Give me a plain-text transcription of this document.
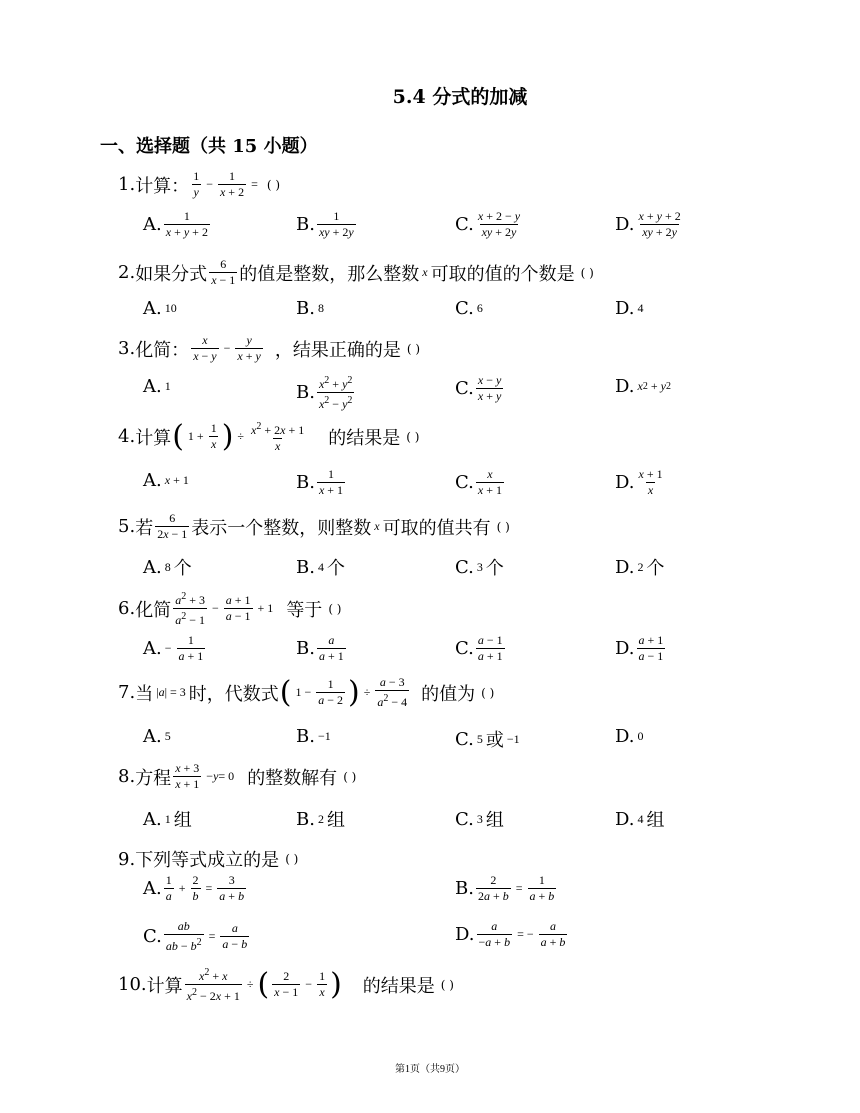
5.4 分式的加减
一、选择题（共 15 小题）
1. 计算： $\frac{1}{y} - \frac{1}{x + 2}$ = ( )
A. $\frac{1}{x + y + 2}$	B. $\frac{1}{xy + 2y}$	C. $\frac{x + 2 - y}{xy + 2y}$	D. $\frac{x + y + 2}{xy + 2y}$
2. 如果分式 $\frac{6}{x - 1}$ 的值是整数，那么整数 x 可取的值的个数是 ( )
A. 10	B. 8	C. 6	D. 4
3. 化简： $\frac{x}{x - y} - \frac{y}{x + y}$ ，结果正确的是 ( )
A. 1	B. $\frac{x^2 + y^2}{x^2 - y^2}$	C. $\frac{x - y}{x + y}$	D. x 2 + y 2
4. 计算 ( $1 + \frac{1}{x}$ ) ÷ $\frac{x^2 + 2x + 1}{x}$ 的结果是 ( )
A. x + 1	B. $\frac{1}{x + 1}$	C. $\frac{x}{x + 1}$	D. $\frac{x + 1}{x}$
5. 若 $\frac{6}{2x - 1}$ 表示一个整数，则整数 x 可取的值共有 ( )
A. 8 个	B. 4 个	C. 3 个	D. 2 个
6. 化简 $\frac{a^2 + 3}{a^2 - 1} - \frac{a + 1}{a - 1} + 1$ 等于 ( )
A. − $\frac{1}{a + 1}$	B. $\frac{a}{a + 1}$	C. $\frac{a - 1}{a + 1}$	D. $\frac{a + 1}{a - 1}$
7. 当 | a | = 3 时，代数式 ( $1 - \frac{1}{a - 2}$ ) ÷ $\frac{a - 3}{a^2 - 4}$ 的值为 ( )
A. 5	B. −1	C. 5 或 −1	D. 0
8. 方程 $\frac{x + 3}{x + 1} - y = 0$ 的整数解有 ( )
A. 1 组	B. 2 组	C. 3 组	D. 4 组
9. 下列等式成立的是 ( )
A. $\frac{1}{a} + \frac{2}{b} = \frac{3}{a + b}$	B. $\frac{2}{2a + b} = \frac{1}{a + b}$
C. $\frac{ab}{ab - b^2} = \frac{a}{a - b}$	D. $\frac{a}{-a + b}$ = − $\frac{a}{a + b}$
10. 计算 $\frac{x^2 + x}{x^2 - 2x + 1}$ ÷ ( $\frac{2}{x - 1} - \frac{1}{x}$ ) 的结果是 ( )
第1页（共9页）
